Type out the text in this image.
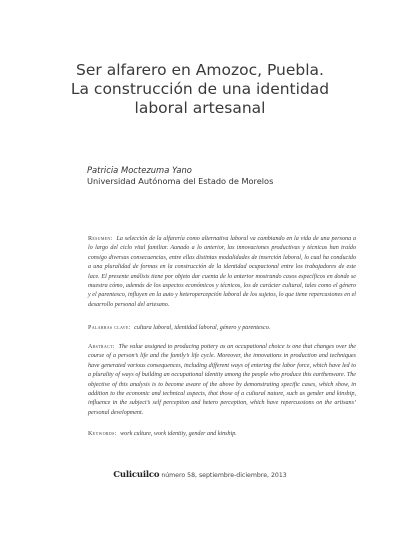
Ser alfarero en Amozoc, Puebla.
La construcción de una identidad
laboral artesanal
Patricia Moctezuma Yano
Universidad Autónoma del Estado de Morelos

Resumen: La selección de la alfarería como alternativa laboral va cambiando en la vida de una persona a lo largo del ciclo vital familiar. Aunado a lo anterior, las innovaciones productivas y técnicas han traído consigo diversas consecuencias, entre ellas distintas modalidades de inserción laboral, lo cual ha conducido a una pluralidad de formas en la construcción de la identidad ocupacional entre los trabajadores de este lace. El presente análisis tiene por objeto dar cuenta de lo anterior mostrando casos específicos en donde se muestra cómo, además de los aspectos económicos y técnicos, los de carácter cultural, tales como el género y el parentesco, influyen en la auto y heteropercepción laboral de los sujetos, lo que tiene repercusiones en el desarrollo personal del artesano.

Palabras clave: cultura laboral, identidad laboral, género y parentesco.

Abstract: The value assigned to producing pottery as an occupational choice is one that changes over the course of a person’s life and the family’s life cycle. Moreover, the innovations in production and techniques have generated various consequences, including different ways of entering the labor force, which have led to a plurality of ways of building an occupational identity among the people who produce this earthenware. The objective of this analysis is to become aware of the above by demonstrating specific cases, which show, in addition to the economic and technical aspects, that those of a cultural nature, such as gender and kinship, influence in the subject’s self perception and hetero perception, which have repercussions on the artisans’ personal development.

Keywords: work culture, work identity, gender and kinship.

Culicuilco número 58, septiembre-diciembre, 2013
